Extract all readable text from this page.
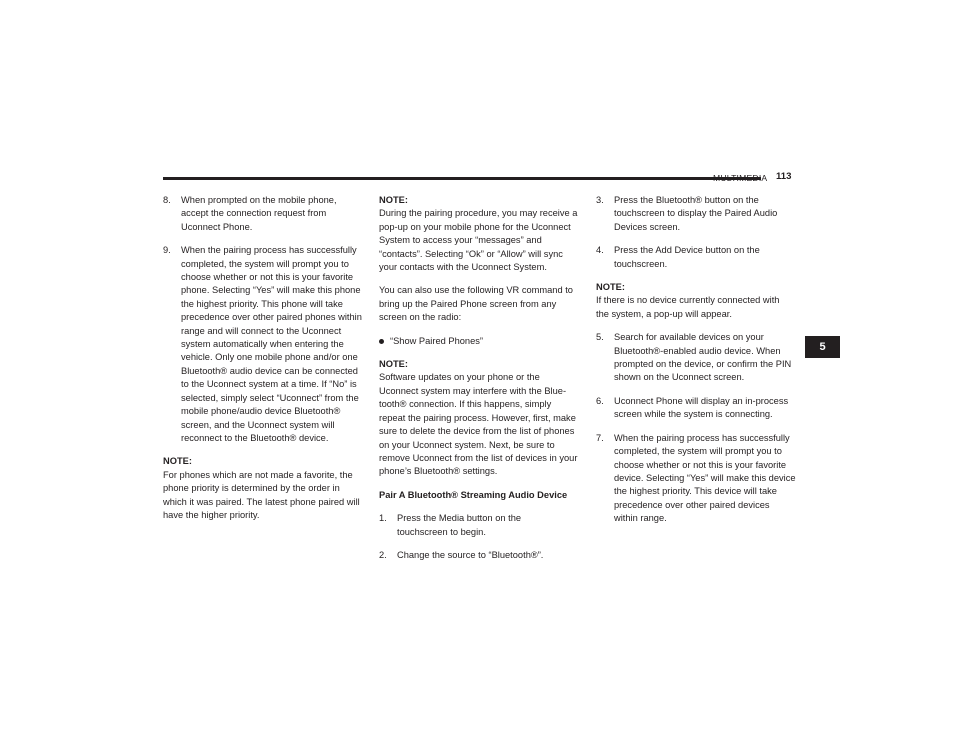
MULTIMEDIA 113
5
8. When prompted on the mobile phone,
accept the connection request from
Uconnect Phone.
9. When the pairing process has successfully
completed, the system will prompt you to
choose whether or not this is your favorite
phone. Selecting “Yes” will make this phone
the highest priority. This phone will take
precedence over other paired phones within
range and will connect to the Uconnect
system automatically when entering the
vehicle. Only one mobile phone and/or one
Bluetooth® audio device can be connected
to the Uconnect system at a time. If “No” is
selected, simply select “Uconnect” from the
mobile phone/audio device Bluetooth®
screen, and the Uconnect system will
reconnect to the Bluetooth® device.
NOTE:
For phones which are not made a favorite, the
phone priority is determined by the order in
which it was paired. The latest phone paired will
have the higher priority.
NOTE:
During the pairing procedure, you may receive a
pop-up on your mobile phone for the Uconnect
System to access your “messages” and
“contacts”. Selecting “Ok” or “Allow” will sync
your contacts with the Uconnect System.
You can also use the following VR command to
bring up the Paired Phone screen from any
screen on the radio:
“Show Paired Phones”
NOTE:
Software updates on your phone or the
Uconnect system may interfere with the Blue-
tooth® connection. If this happens, simply
repeat the pairing process. However, first, make
sure to delete the device from the list of phones
on your Uconnect system. Next, be sure to
remove Uconnect from the list of devices in your
phone’s Bluetooth® settings.
Pair A Bluetooth® Streaming Audio Device
1. Press the Media button on the
touchscreen to begin.
2. Change the source to “Bluetooth®”.
3. Press the Bluetooth® button on the
touchscreen to display the Paired Audio
Devices screen.
4. Press the Add Device button on the
touchscreen.
NOTE:
If there is no device currently connected with
the system, a pop-up will appear.
5. Search for available devices on your
Bluetooth®-enabled audio device. When
prompted on the device, or confirm the PIN
shown on the Uconnect screen.
6. Uconnect Phone will display an in-process
screen while the system is connecting.
7. When the pairing process has successfully
completed, the system will prompt you to
choose whether or not this is your favorite
device. Selecting “Yes” will make this device
the highest priority. This device will take
precedence over other paired devices
within range.
